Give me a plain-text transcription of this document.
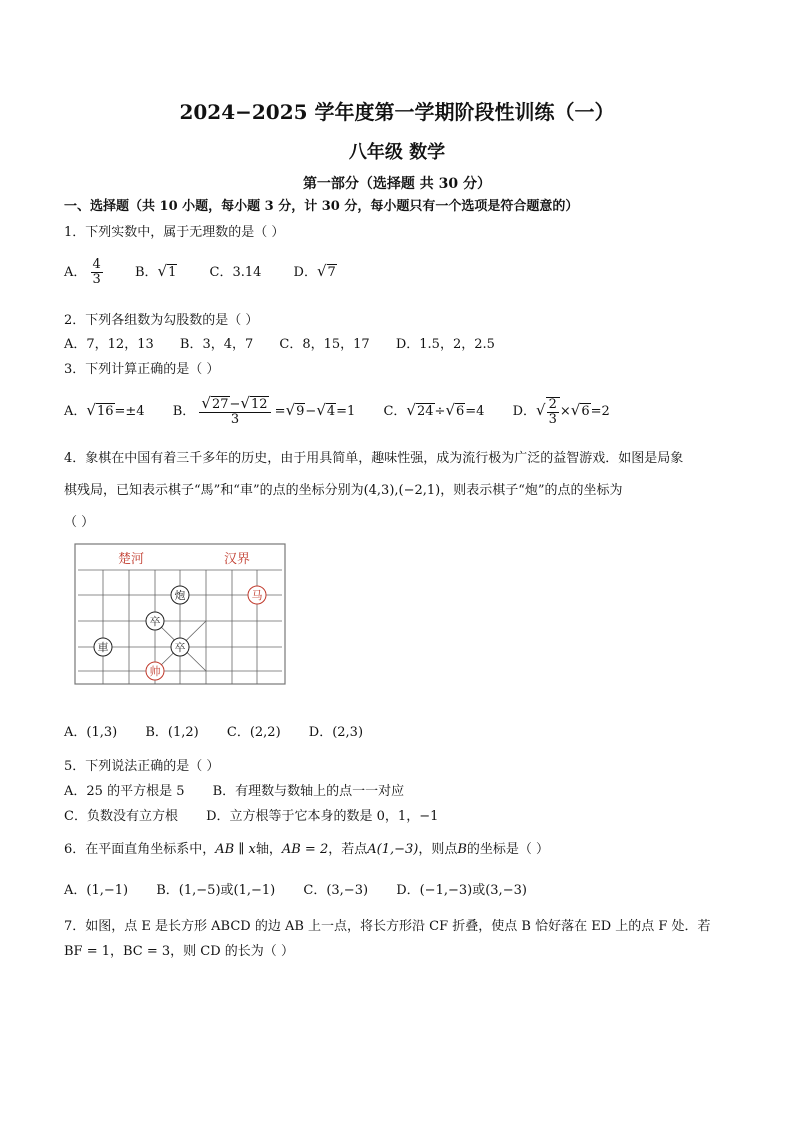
2024−2025 学年度第一学期阶段性训练（一）
八年级 数学
第一部分（选择题 共 30 分）
一、选择题（共 10 小题，每小题 3 分，计 30 分，每小题只有一个选项是符合题意的）
1．下列实数中，属于无理数的是（ ）
A． $\frac{4}{3}$ B．√1	C．3.14 D．√7
2．下列各组数为勾股数的是（ ）
A．7，12，13 B．3，4，7 C．8，15，17 D．1.5，2，2.5
3．下列计算正确的是（ ）
A．√16=±4 B． $\frac{√27-√12}{3} =√9-√4=1$ C．√24÷√6=4 D．√ $\frac{2}{3} \times√6=2$
4．象棋在中国有着三千多年的历史，由于用具简单，趣味性强，成为流行极为广泛的益智游戏．如图是局象
棋残局，已知表示棋子“馬”和“車”的点的坐标分别为(4,3),(−2,1)，则表示棋子“炮”的点的坐标为
（ ）
楚河	汉界
炮	马
卒
卒
車
帅
A．(1,3) B．(1,2) C．(2,2) D．(2,3)
5．下列说法正确的是（ ）
A．25 的平方根是 5 B．有理数与数轴上的点一一对应
C．负数没有立方根 D．立方根等于它本身的数是 0，1，−1
6．在平面直角坐标系中，AB ∥ x轴，AB = 2，若点A(1,−3)，则点B的坐标是（ ）
A．(1,−1) B．(1,−5)或(1,−1) C．(3,−3) D．(−1,−3)或(3,−3)
7．如图，点 E 是长方形 ABCD 的边 AB 上一点，将长方形沿 CF 折叠，使点 B 恰好落在 ED 上的点 F 处．若
BF = 1，BC = 3，则 CD 的长为（ ）
